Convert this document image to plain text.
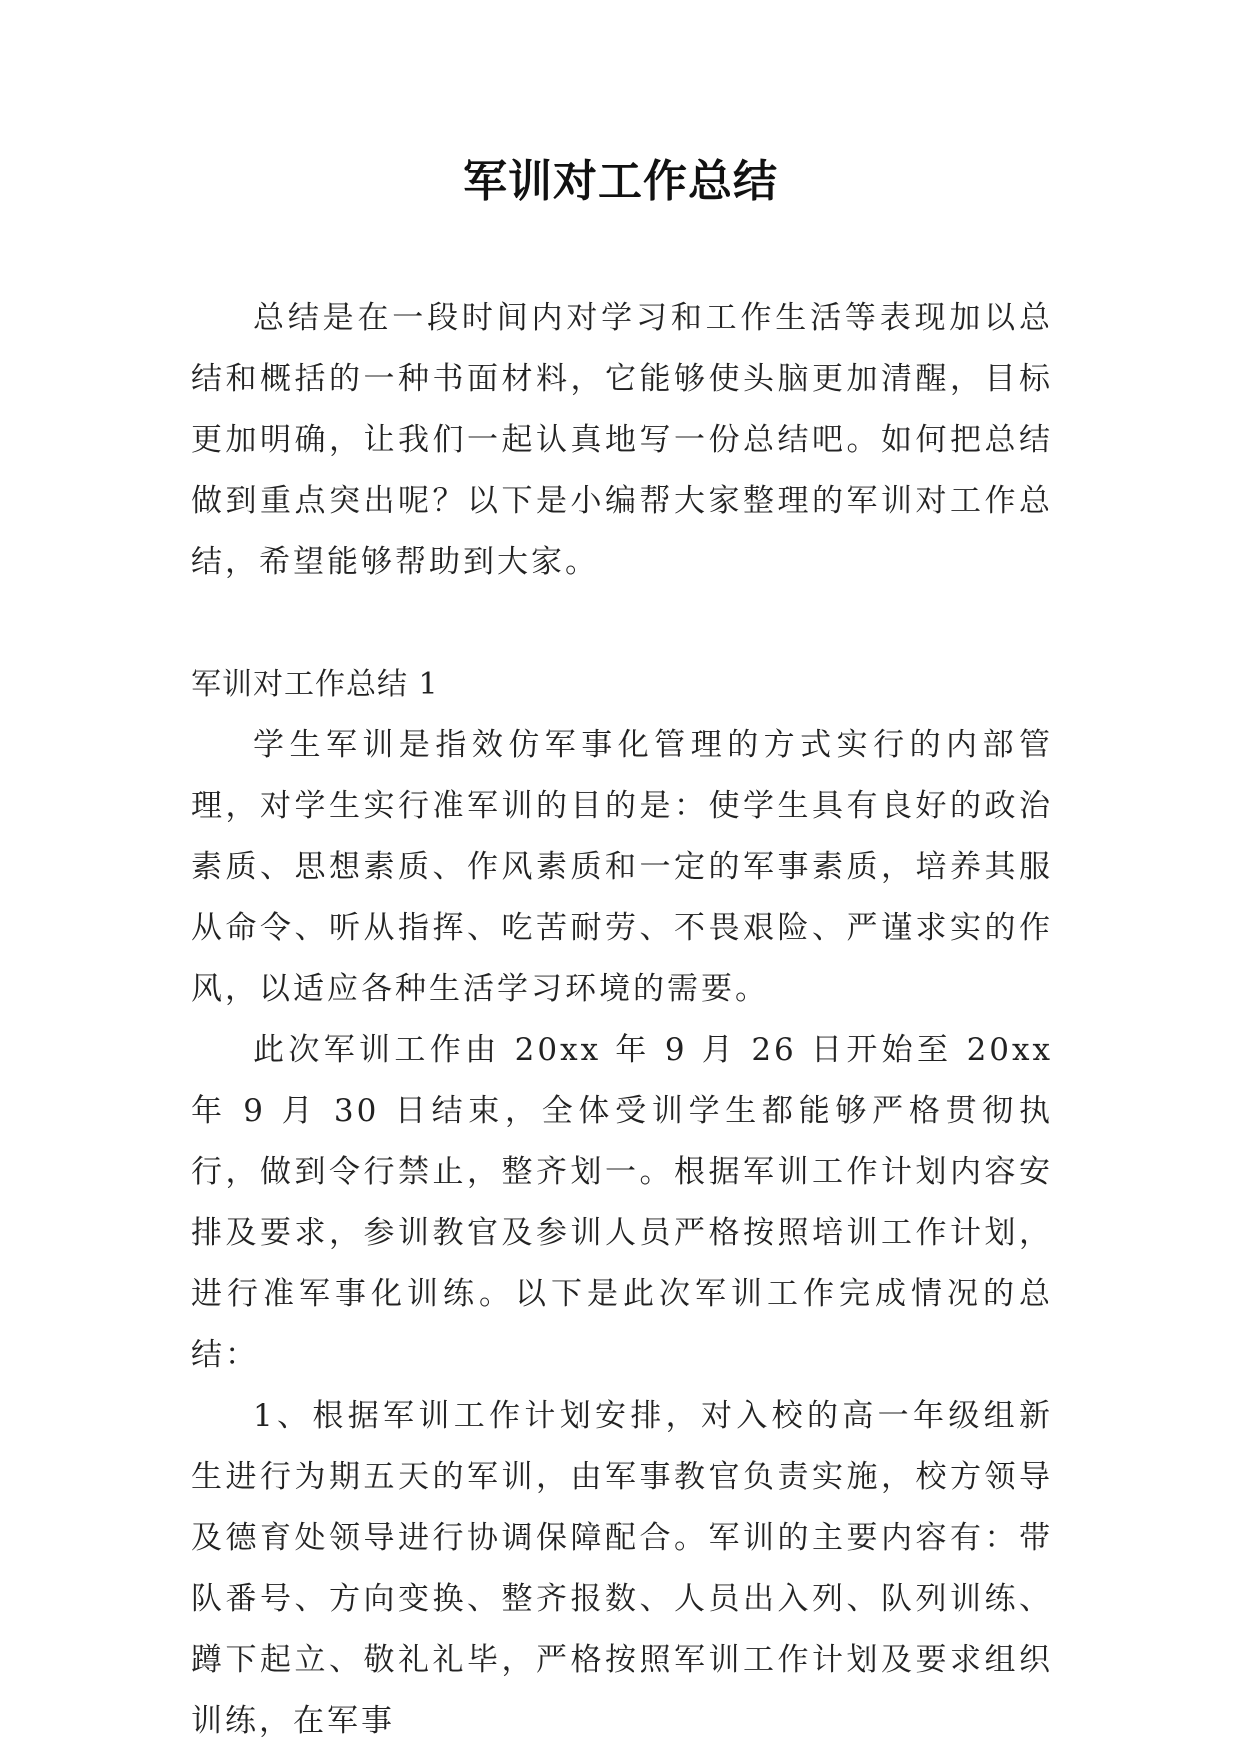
军训对工作总结

总结是在一段时间内对学习和工作生活等表现加以总结和概括的一种书面材料，它能够使头脑更加清醒，目标更加明确，让我们一起认真地写一份总结吧。如何把总结做到重点突出呢？以下是小编帮大家整理的军训对工作总结，希望能够帮助到大家。

军训对工作总结 1

学生军训是指效仿军事化管理的方式实行的内部管理，对学生实行准军训的目的是：使学生具有良好的政治素质、思想素质、作风素质和一定的军事素质，培养其服从命令、听从指挥、吃苦耐劳、不畏艰险、严谨求实的作风，以适应各种生活学习环境的需要。

此次军训工作由 20xx 年 9 月 26 日开始至 20xx 年 9 月 30 日结束，全体受训学生都能够严格贯彻执行，做到令行禁止，整齐划一。根据军训工作计划内容安排及要求，参训教官及参训人员严格按照培训工作计划，进行准军事化训练。以下是此次军训工作完成情况的总结：

1、根据军训工作计划安排，对入校的高一年级组新生进行为期五天的军训，由军事教官负责实施，校方领导及德育处领导进行协调保障配合。军训的主要内容有：带队番号、方向变换、整齐报数、人员出入列、队列训练、蹲下起立、敬礼礼毕，严格按照军训工作计划及要求组织训练，在军事
